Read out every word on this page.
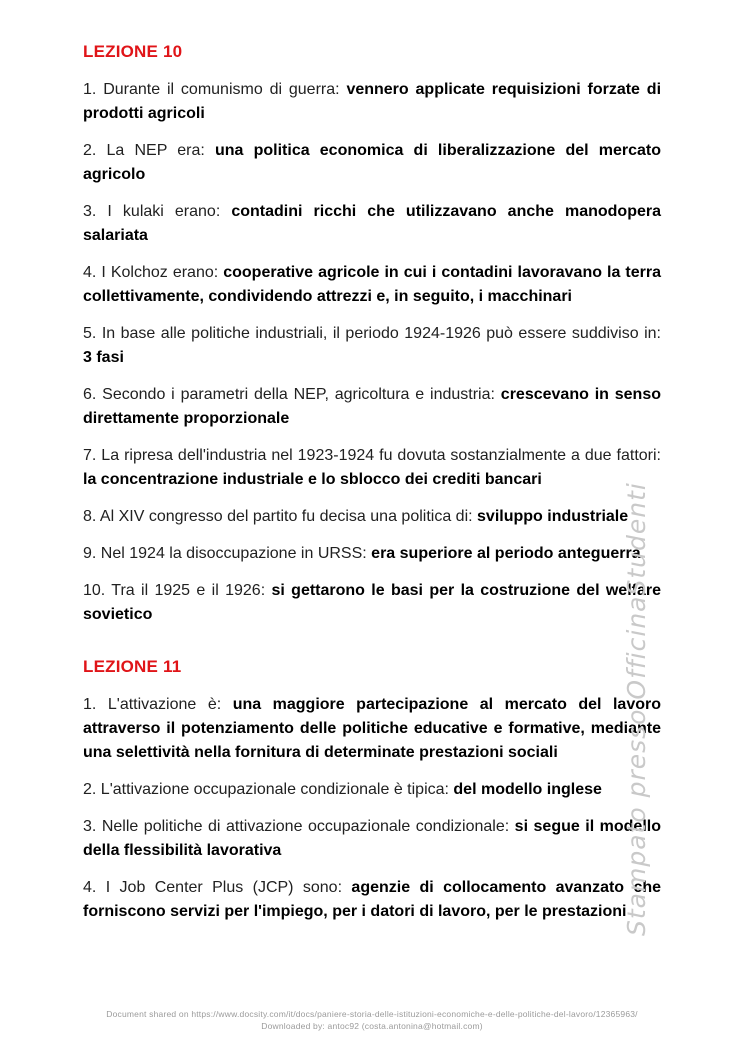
LEZIONE 10

1. Durante il comunismo di guerra: vennero applicate requisizioni forzate di prodotti agricoli

2. La NEP era: una politica economica di liberalizzazione del mercato agricolo

3. I kulaki erano: contadini ricchi che utilizzavano anche manodopera salariata

4. I Kolchoz erano: cooperative agricole in cui i contadini lavoravano la terra collettivamente, condividendo attrezzi e, in seguito, i macchinari

5. In base alle politiche industriali, il periodo 1924-1926 può essere suddiviso in: 3 fasi

6. Secondo i parametri della NEP, agricoltura e industria: crescevano in senso direttamente proporzionale

7. La ripresa dell'industria nel 1923-1924 fu dovuta sostanzialmente a due fattori: la concentrazione industriale e lo sblocco dei crediti bancari

8. Al XIV congresso del partito fu decisa una politica di: sviluppo industriale

9. Nel 1924 la disoccupazione in URSS: era superiore al periodo anteguerra

10. Tra il 1925 e il 1926: si gettarono le basi per la costruzione del welfare sovietico

LEZIONE 11

1. L'attivazione è: una maggiore partecipazione al mercato del lavoro attraverso il potenziamento delle politiche educative e formative, mediante una selettività nella fornitura di determinate prestazioni sociali

2. L'attivazione occupazionale condizionale è tipica: del modello inglese

3. Nelle politiche di attivazione occupazionale condizionale: si segue il modello della flessibilità lavorativa

4. I Job Center Plus (JCP) sono: agenzie di collocamento avanzato che forniscono servizi per l'impiego, per i datori di lavoro, per le prestazioni

Stampato presso OfficinaStudenti
Document shared on https://www.docsity.com/it/docs/paniere-storia-delle-istituzioni-economiche-e-delle-politiche-del-lavoro/12365963/
Downloaded by: antoc92 (costa.antonina@hotmail.com)
